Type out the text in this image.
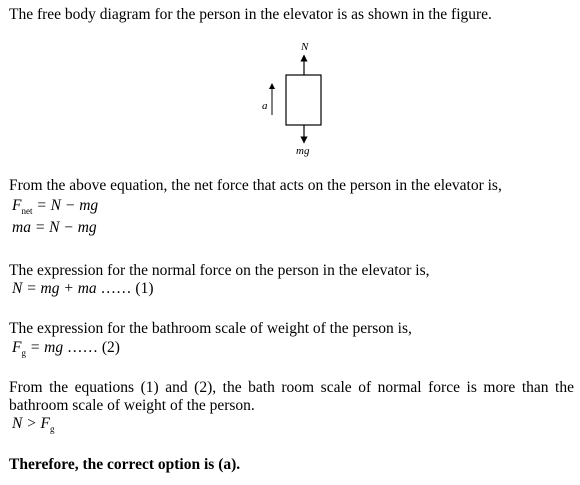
The free body diagram for the person in the elevator is as shown in the figure.
N
a
mg
From the above equation, the net force that acts on the person in the elevator is,
$F_{net} = N$ − mg
ma = N − mg
The expression for the normal force on the person in the elevator is,
N = mg + ma …… (1)
The expression for the bathroom scale of weight of the person is,
$F_g$ = mg …… (2)
From the equations (1) and (2), the bath room scale of normal force is more than the bathroom scale of weight of the person.
$N > F_g$
Therefore, the correct option is (a).
